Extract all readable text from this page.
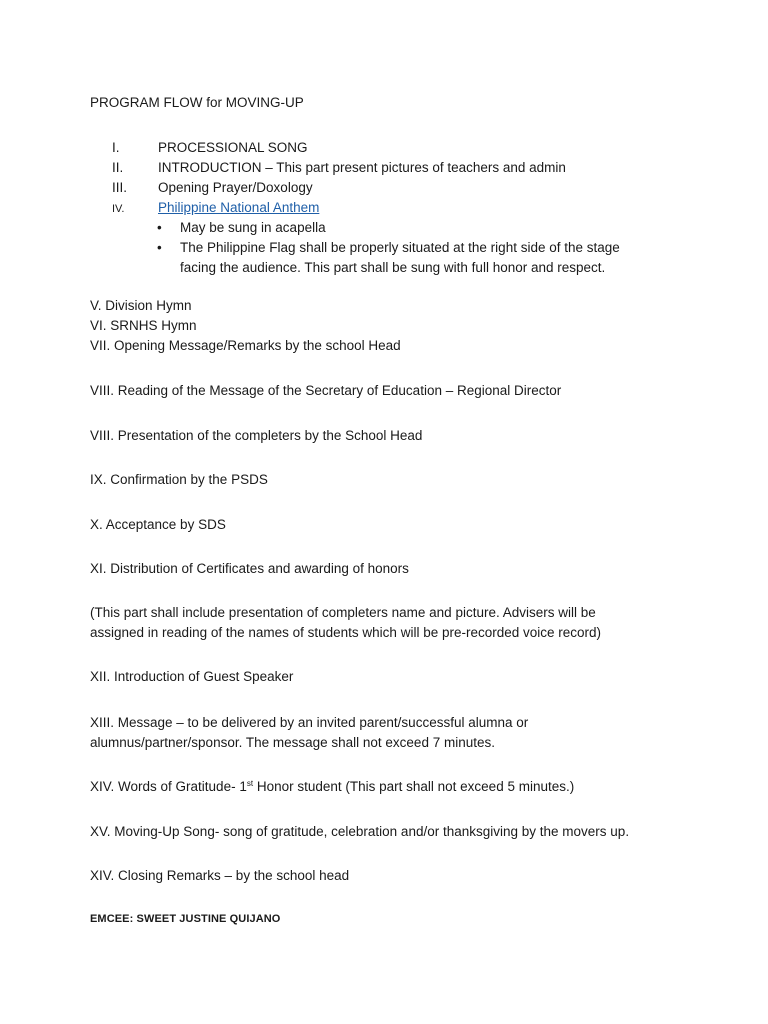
PROGRAM FLOW for MOVING-UP
I.	PROCESSIONAL SONG
II.	INTRODUCTION – This part present pictures of teachers and admin
III. Opening Prayer/Doxology
IV. Philippine National Anthem
• May be sung in acapella
• The Philippine Flag shall be properly situated at the right side of the stage
facing the audience. This part shall be sung with full honor and respect.
V. Division Hymn
VI. SRNHS Hymn
VII. Opening Message/Remarks by the school Head
VIII. Reading of the Message of the Secretary of Education – Regional Director
VIII. Presentation of the completers by the School Head
IX. Confirmation by the PSDS
X. Acceptance by SDS
XI. Distribution of Certificates and awarding of honors
(This part shall include presentation of completers name and picture. Advisers will be
assigned in reading of the names of students which will be pre-recorded voice record)
XII. Introduction of Guest Speaker
XIII. Message – to be delivered by an invited parent/successful alumna or
alumnus/partner/sponsor. The message shall not exceed 7 minutes.
XIV. Words of Gratitude- 1st Honor student (This part shall not exceed 5 minutes.)
XV. Moving-Up Song- song of gratitude, celebration and/or thanksgiving by the movers up.
XIV. Closing Remarks – by the school head
EMCEE: SWEET JUSTINE QUIJANO
